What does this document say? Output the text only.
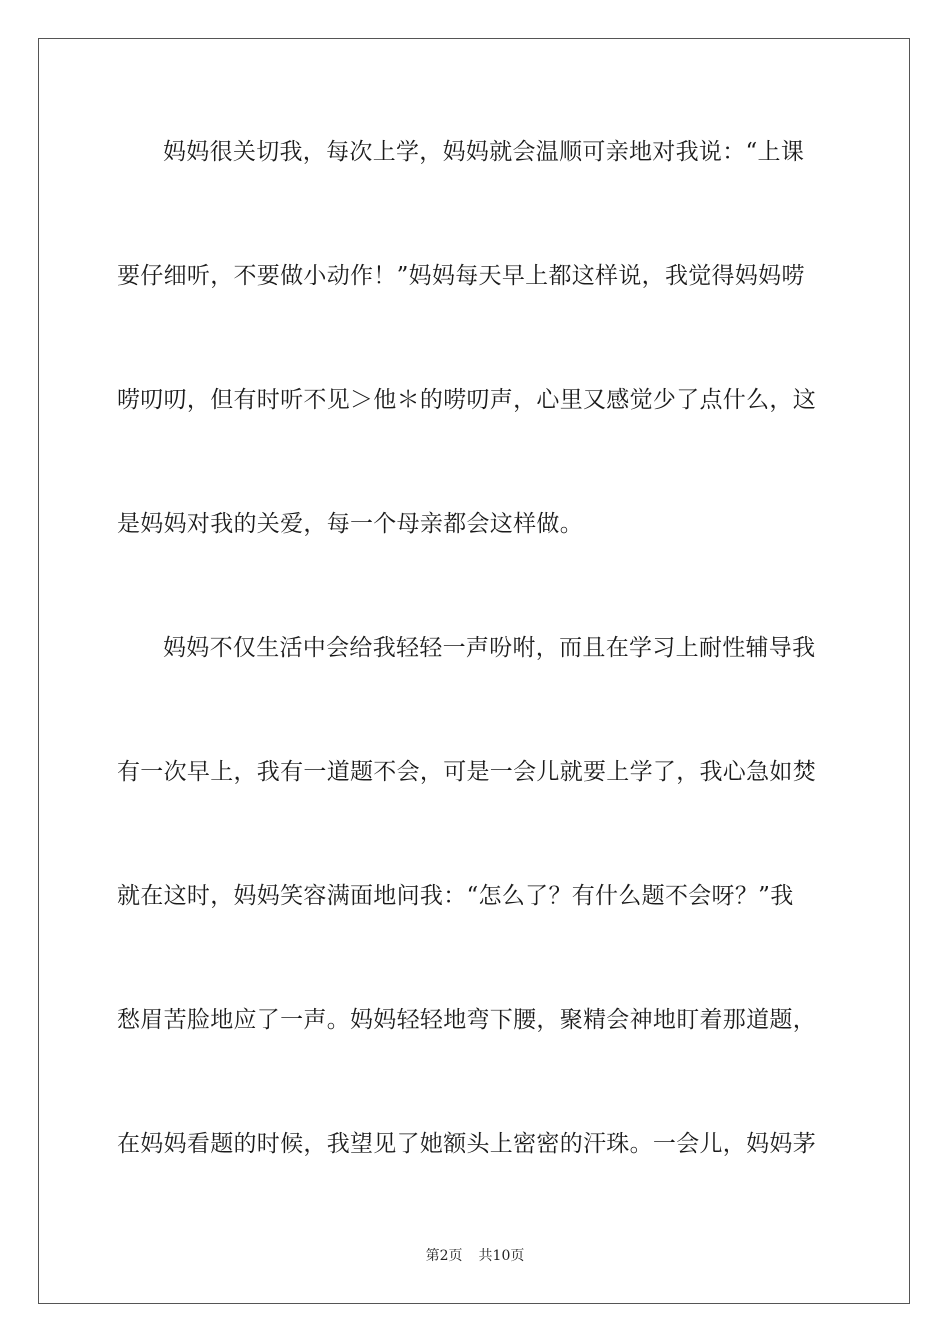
妈妈很关切我，每次上学，妈妈就会温顺可亲地对我说：“上课
要仔细听，不要做小动作！”妈妈每天早上都这样说，我觉得妈妈唠
唠叨叨，但有时听不见＞他＊的唠叨声，心里又感觉少了点什么，这
是妈妈对我的关爱，每一个母亲都会这样做。
妈妈不仅生活中会给我轻轻一声吩咐，而且在学习上耐性辅导我
有一次早上，我有一道题不会，可是一会儿就要上学了，我心急如焚
就在这时，妈妈笑容满面地问我：“怎么了？有什么题不会呀？”我
愁眉苦脸地应了一声。妈妈轻轻地弯下腰，聚精会神地盯着那道题，
在妈妈看题的时候，我望见了她额头上密密的汗珠。一会儿，妈妈茅
第2页 共10页
